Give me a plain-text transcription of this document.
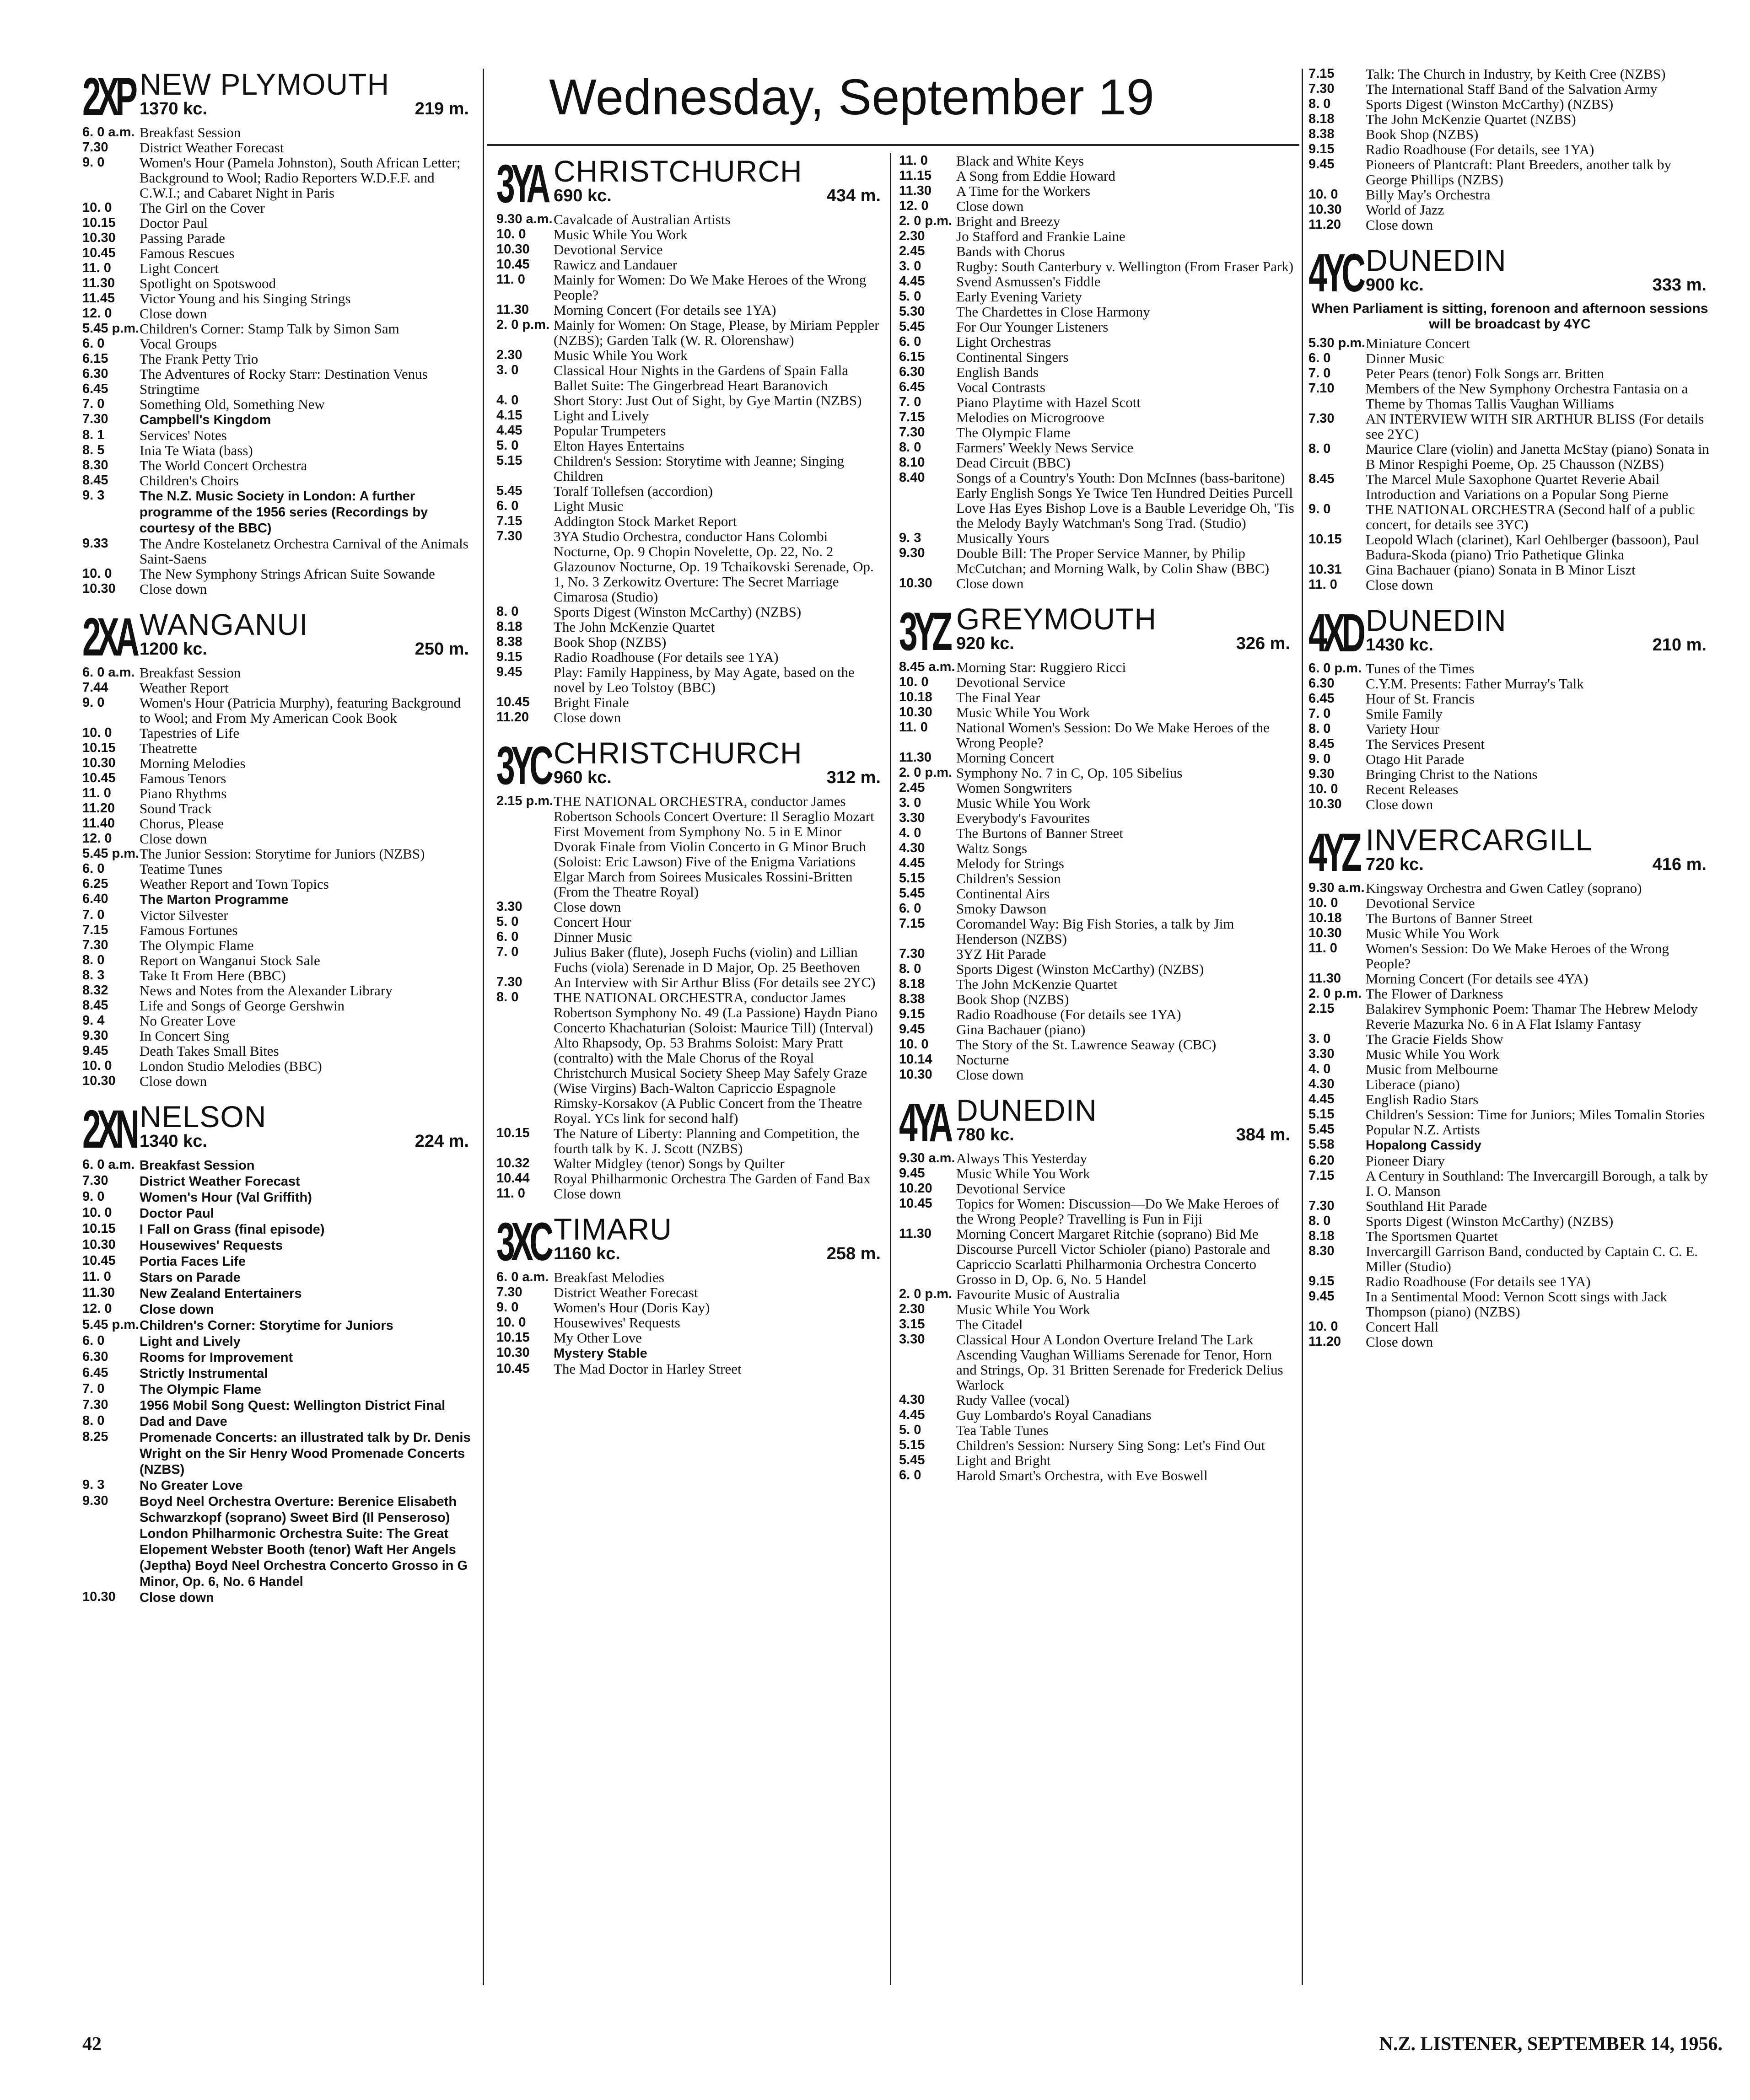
Wednesday, September 19
2XP NEW PLYMOUTH
1370 kc.	219 m.
6. 0 a.m. Breakfast Session
7.30 District Weather Forecast
9. 0 Women's Hour (Pamela Johnston), South African Letter; Background to Wool; Radio Reporters W.D.F.F. and C.W.I.; and Cabaret Night in Paris
10. 0 The Girl on the Cover
10.15 Doctor Paul
10.30 Passing Parade
10.45 Famous Rescues
11. 0 Light Concert
11.30 Spotlight on Spotswood
11.45 Victor Young and his Singing Strings
12. 0 Close down
5.45 p.m. Children's Corner: Stamp Talk by Simon Sam
6. 0 Vocal Groups
6.15 The Frank Petty Trio
6.30 The Adventures of Rocky Starr: Destination Venus
6.45 Stringtime
7. 0 Something Old, Something New
7.30 Campbell's Kingdom
8. 1 Services' Notes
8. 5 Inia Te Wiata (bass)
8.30 The World Concert Orchestra
8.45 Children's Choirs
9. 3	The N.Z. Music Society in London: A further programme of the 1956 series (Recordings by courtesy of the BBC)
9.33 The Andre Kostelanetz Orchestra Carnival of the Animals Saint-Saens
10. 0 The New Symphony Strings African Suite Sowande
10.30 Close down
2XA WANGANUI
1200 kc.	250 m.
6. 0 a.m. Breakfast Session
7.44 Weather Report
9. 0 Women's Hour (Patricia Murphy), featuring Background to Wool; and From My American Cook Book
10. 0 Tapestries of Life
10.15 Theatrette
10.30 Morning Melodies
10.45 Famous Tenors
11. 0 Piano Rhythms
11.20 Sound Track
11.40 Chorus, Please
12. 0 Close down
5.45 p.m. The Junior Session: Storytime for Juniors (NZBS)
6. 0 Teatime Tunes
6.25 Weather Report and Town Topics
6.40 The Marton Programme
7. 0 Victor Silvester
7.15 Famous Fortunes
7.30 The Olympic Flame
8. 0 Report on Wanganui Stock Sale
8. 3 Take It From Here (BBC)
8.32 News and Notes from the Alexander Library
8.45 Life and Songs of George Gershwin
9. 4 No Greater Love
9.30 In Concert Sing
9.45 Death Takes Small Bites
10. 0 London Studio Melodies (BBC)
10.30 Close down
2XN NELSON
1340 kc.	224 m.
6. 0 a.m. Breakfast Session
7.30 District Weather Forecast
9. 0	Women's Hour (Val Griffith)
10. 0 Doctor Paul
10.15 I Fall on Grass (final episode)
10.30 Housewives' Requests
10.45 Portia Faces Life
11. 0 Stars on Parade
11.30 New Zealand Entertainers
12. 0 Close down
5.45 p.m. Children's Corner: Storytime for Juniors
6. 0	Light and Lively
6.30 Rooms for Improvement
6.45 Strictly Instrumental
7. 0	The Olympic Flame
7.30 1956 Mobil Song Quest: Wellington District Final
8. 0	Dad and Dave
8.25 Promenade Concerts: an illustrated talk by Dr. Denis Wright on the Sir Henry Wood Promenade Concerts (NZBS)
9. 3	No Greater Love
9.30 Boyd Neel Orchestra Overture: Berenice Elisabeth Schwarzkopf (soprano) Sweet Bird (Il Penseroso) London Philharmonic Orchestra Suite: The Great Elopement Webster Booth (tenor) Waft Her Angels (Jeptha) Boyd Neel Orchestra Concerto Grosso in G Minor, Op. 6, No. 6 Handel
10.30 Close down
3YA CHRISTCHURCH
690 kc.	434 m.
9.30 a.m. Cavalcade of Australian Artists
10. 0 Music While You Work
10.30 Devotional Service
10.45 Rawicz and Landauer
11. 0 Mainly for Women: Do We Make Heroes of the Wrong People?
11.30 Morning Concert (For details see 1YA)
2. 0 p.m. Mainly for Women: On Stage, Please, by Miriam Peppler (NZBS); Garden Talk (W. R. Olorenshaw)
2.30 Music While You Work
3. 0 Classical Hour Nights in the Gardens of Spain Falla Ballet Suite: The Gingerbread Heart Baranovich
4. 0 Short Story: Just Out of Sight, by Gye Martin (NZBS)
4.15 Light and Lively
4.45 Popular Trumpeters
5. 0 Elton Hayes Entertains
5.15 Children's Session: Storytime with Jeanne; Singing Children
5.45 Toralf Tollefsen (accordion)
6. 0 Light Music
7.15 Addington Stock Market Report
7.30 3YA Studio Orchestra, conductor Hans Colombi Nocturne, Op. 9 Chopin Novelette, Op. 22, No. 2 Glazounov Nocturne, Op. 19 Tchaikovski Serenade, Op. 1, No. 3 Zerkowitz Overture: The Secret Marriage Cimarosa (Studio)
8. 0 Sports Digest (Winston McCarthy) (NZBS)
8.18 The John McKenzie Quartet
8.38 Book Shop (NZBS)
9.15 Radio Roadhouse (For details see 1YA)
9.45 Play: Family Happiness, by May Agate, based on the novel by Leo Tolstoy (BBC)
10.45 Bright Finale
11.20 Close down
3YC CHRISTCHURCH
960 kc.	312 m.
2.15 p.m. THE NATIONAL ORCHESTRA, conductor James Robertson Schools Concert Overture: Il Seraglio Mozart First Movement from Symphony No. 5 in E Minor Dvorak Finale from Violin Concerto in G Minor Bruch (Soloist: Eric Lawson) Five of the Enigma Variations Elgar March from Soirees Musicales Rossini-Britten (From the Theatre Royal)
3.30 Close down
5. 0 Concert Hour
6. 0 Dinner Music
7. 0 Julius Baker (flute), Joseph Fuchs (violin) and Lillian Fuchs (viola) Serenade in D Major, Op. 25 Beethoven
7.30 An Interview with Sir Arthur Bliss (For details see 2YC)
8. 0 THE NATIONAL ORCHESTRA, conductor James Robertson Symphony No. 49 (La Passione) Haydn Piano Concerto Khachaturian (Soloist: Maurice Till) (Interval) Alto Rhapsody, Op. 53 Brahms Soloist: Mary Pratt (contralto) with the Male Chorus of the Royal Christchurch Musical Society Sheep May Safely Graze (Wise Virgins) Bach-Walton Capriccio Espagnole Rimsky-Korsakov (A Public Concert from the Theatre Royal. YCs link for second half)
10.15 The Nature of Liberty: Planning and Competition, the fourth talk by K. J. Scott (NZBS)
10.32 Walter Midgley (tenor) Songs by Quilter
10.44 Royal Philharmonic Orchestra The Garden of Fand Bax
11. 0 Close down
3XC TIMARU
1160 kc.	258 m.
6. 0 a.m. Breakfast Melodies
7.30 District Weather Forecast
9. 0 Women's Hour (Doris Kay)
10. 0 Housewives' Requests
10.15 My Other Love
10.30 Mystery Stable
10.45 The Mad Doctor in Harley Street
11. 0 Black and White Keys
11.15 A Song from Eddie Howard
11.30 A Time for the Workers
12. 0 Close down
2. 0 p.m. Bright and Breezy
2.30 Jo Stafford and Frankie Laine
2.45 Bands with Chorus
3. 0 Rugby: South Canterbury v. Wellington (From Fraser Park)
4.45 Svend Asmussen's Fiddle
5. 0 Early Evening Variety
5.30 The Chardettes in Close Harmony
5.45 For Our Younger Listeners
6. 0 Light Orchestras
6.15 Continental Singers
6.30 English Bands
6.45 Vocal Contrasts
7. 0 Piano Playtime with Hazel Scott
7.15 Melodies on Microgroove
7.30 The Olympic Flame
8. 0 Farmers' Weekly News Service
8.10 Dead Circuit (BBC)
8.40 Songs of a Country's Youth: Don McInnes (bass-baritone) Early English Songs Ye Twice Ten Hundred Deities Purcell Love Has Eyes Bishop Love is a Bauble Leveridge Oh, 'Tis the Melody Bayly Watchman's Song Trad. (Studio)
9. 3 Musically Yours
9.30 Double Bill: The Proper Service Manner, by Philip McCutchan; and Morning Walk, by Colin Shaw (BBC)
10.30 Close down
3YZ GREYMOUTH
920 kc.	326 m.
8.45 a.m. Morning Star: Ruggiero Ricci
10. 0 Devotional Service
10.18 The Final Year
10.30 Music While You Work
11. 0 National Women's Session: Do We Make Heroes of the Wrong People?
11.30 Morning Concert
2. 0 p.m. Symphony No. 7 in C, Op. 105 Sibelius
2.45 Women Songwriters
3. 0 Music While You Work
3.30 Everybody's Favourites
4. 0 The Burtons of Banner Street
4.30 Waltz Songs
4.45 Melody for Strings
5.15 Children's Session
5.45 Continental Airs
6. 0 Smoky Dawson
7.15 Coromandel Way: Big Fish Stories, a talk by Jim Henderson (NZBS)
7.30 3YZ Hit Parade
8. 0 Sports Digest (Winston McCarthy) (NZBS)
8.18 The John McKenzie Quartet
8.38 Book Shop (NZBS)
9.15 Radio Roadhouse (For details see 1YA)
9.45 Gina Bachauer (piano)
10. 0 The Story of the St. Lawrence Seaway (CBC)
10.14 Nocturne
10.30 Close down
4YA DUNEDIN
780 kc.	384 m.
9.30 a.m. Always This Yesterday
9.45 Music While You Work
10.20 Devotional Service
10.45 Topics for Women: Discussion—Do We Make Heroes of the Wrong People? Travelling is Fun in Fiji
11.30 Morning Concert Margaret Ritchie (soprano) Bid Me Discourse Purcell Victor Schioler (piano) Pastorale and Capriccio Scarlatti Philharmonia Orchestra Concerto Grosso in D, Op. 6, No. 5 Handel
2. 0 p.m. Favourite Music of Australia
2.30 Music While You Work
3.15 The Citadel
3.30 Classical Hour A London Overture Ireland The Lark Ascending Vaughan Williams Serenade for Tenor, Horn and Strings, Op. 31 Britten Serenade for Frederick Delius Warlock
4.30 Rudy Vallee (vocal)
4.45 Guy Lombardo's Royal Canadians
5. 0 Tea Table Tunes
5.15 Children's Session: Nursery Sing Song: Let's Find Out
5.45 Light and Bright
6. 0 Harold Smart's Orchestra, with Eve Boswell
7.15 Talk: The Church in Industry, by Keith Cree (NZBS)
7.30 The International Staff Band of the Salvation Army
8. 0 Sports Digest (Winston McCarthy) (NZBS)
8.18 The John McKenzie Quartet (NZBS)
8.38 Book Shop (NZBS)
9.15 Radio Roadhouse (For details, see 1YA)
9.45 Pioneers of Plantcraft: Plant Breeders, another talk by George Phillips (NZBS)
10. 0 Billy May's Orchestra
10.30 World of Jazz
11.20 Close down
4YC DUNEDIN
900 kc.	333 m.
When Parliament is sitting, forenoon and afternoon sessions will be broadcast by 4YC
5.30 p.m. Miniature Concert
6. 0 Dinner Music
7. 0 Peter Pears (tenor) Folk Songs arr. Britten
7.10 Members of the New Symphony Orchestra Fantasia on a Theme by Thomas Tallis Vaughan Williams
7.30 AN INTERVIEW WITH SIR ARTHUR BLISS (For details see 2YC)
8. 0 Maurice Clare (violin) and Janetta McStay (piano) Sonata in B Minor Respighi Poeme, Op. 25 Chausson (NZBS)
8.45 The Marcel Mule Saxophone Quartet Reverie Abail Introduction and Variations on a Popular Song Pierne
9. 0 THE NATIONAL ORCHESTRA (Second half of a public concert, for details see 3YC)
10.15 Leopold Wlach (clarinet), Karl Oehlberger (bassoon), Paul Badura-Skoda (piano) Trio Pathetique Glinka
10.31 Gina Bachauer (piano) Sonata in B Minor Liszt
11. 0 Close down
4XD DUNEDIN
1430 kc.	210 m.
6. 0 p.m. Tunes of the Times
6.30 C.Y.M. Presents: Father Murray's Talk
6.45 Hour of St. Francis
7. 0 Smile Family
8. 0 Variety Hour
8.45 The Services Present
9. 0 Otago Hit Parade
9.30 Bringing Christ to the Nations
10. 0 Recent Releases
10.30 Close down
4YZ INVERCARGILL
720 kc.	416 m.
9.30 a.m. Kingsway Orchestra and Gwen Catley (soprano)
10. 0 Devotional Service
10.18 The Burtons of Banner Street
10.30 Music While You Work
11. 0 Women's Session: Do We Make Heroes of the Wrong People?
11.30 Morning Concert (For details see 4YA)
2. 0 p.m. The Flower of Darkness
2.15 Balakirev Symphonic Poem: Thamar The Hebrew Melody Reverie Mazurka No. 6 in A Flat Islamy Fantasy
3. 0 The Gracie Fields Show
3.30 Music While You Work
4. 0 Music from Melbourne
4.30 Liberace (piano)
4.45 English Radio Stars
5.15 Children's Session: Time for Juniors; Miles Tomalin Stories
5.45 Popular N.Z. Artists
5.58 Hopalong Cassidy
6.20 Pioneer Diary
7.15 A Century in Southland: The Invercargill Borough, a talk by I. O. Manson
7.30 Southland Hit Parade
8. 0 Sports Digest (Winston McCarthy) (NZBS)
8.18 The Sportsmen Quartet
8.30 Invercargill Garrison Band, conducted by Captain C. C. E. Miller (Studio)
9.15 Radio Roadhouse (For details see 1YA)
9.45 In a Sentimental Mood: Vernon Scott sings with Jack Thompson (piano) (NZBS)
10. 0 Concert Hall
11.20 Close down
42	N.Z. LISTENER, SEPTEMBER 14, 1956.
